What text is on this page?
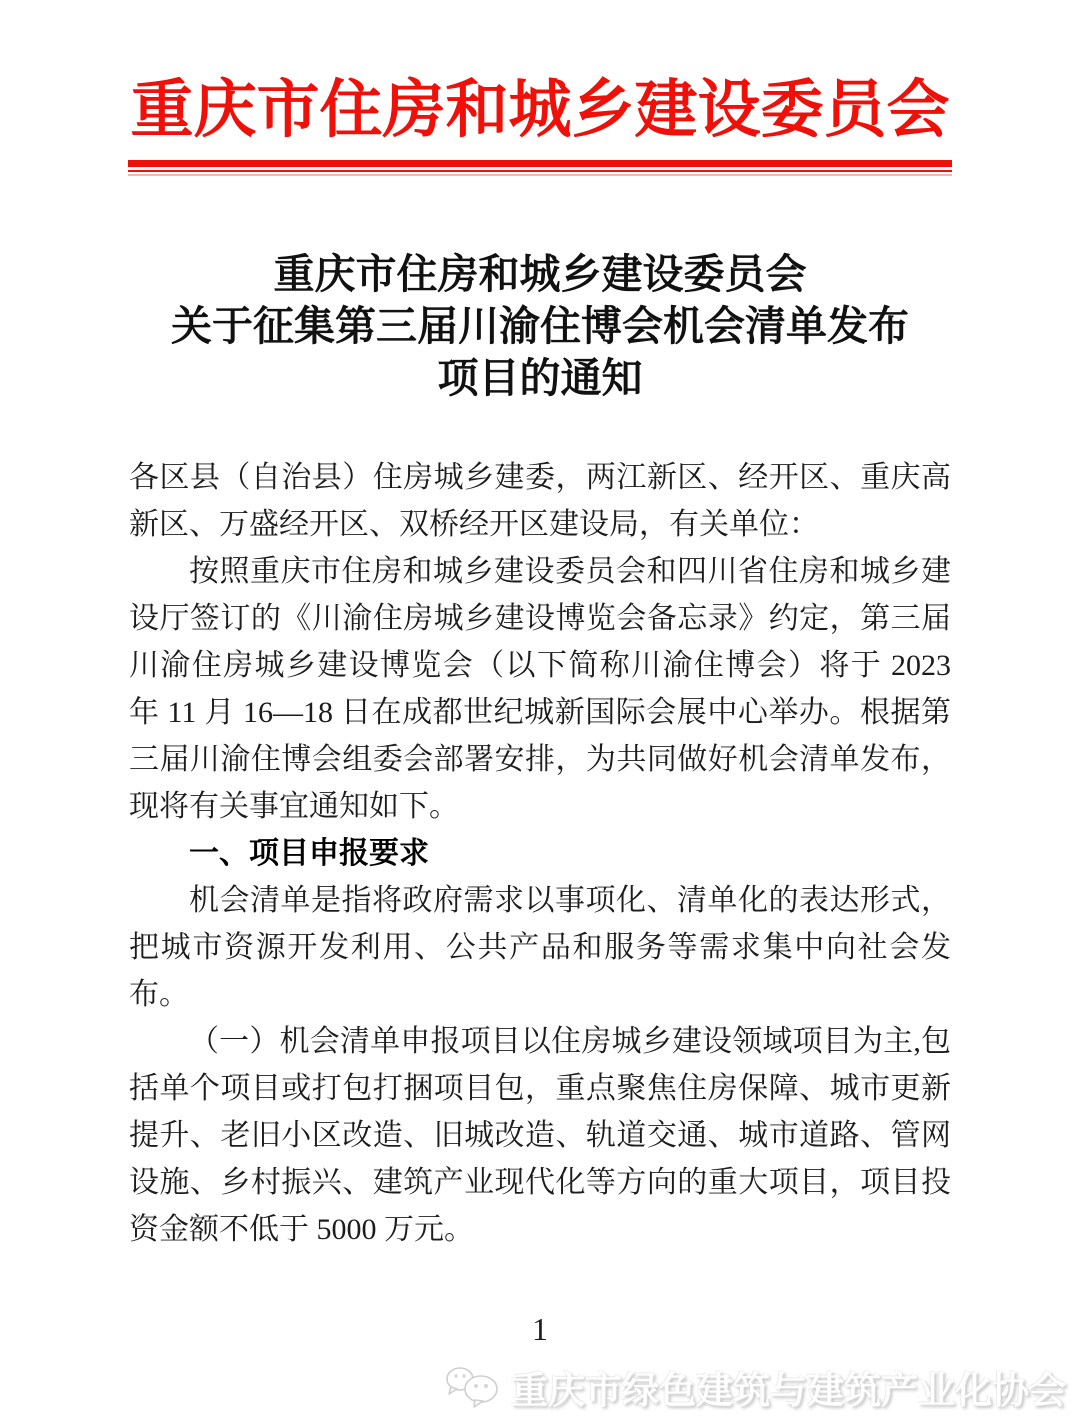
重庆市住房和城乡建设委员会
重庆市住房和城乡建设委员会
关于征集第三届川渝住博会机会清单发布
项目的通知

各区县（自治县）住房城乡建委，两江新区、经开区、重庆高新区、万盛经开区、双桥经开区建设局，有关单位：

按照重庆市住房和城乡建设委员会和四川省住房和城乡建设厅签订的《川渝住房城乡建设博览会备忘录》约定，第三届川渝住房城乡建设博览会（以下简称川渝住博会）将于 2023 年 11 月 16—18 日在成都世纪城新国际会展中心举办。根据第三届川渝住博会组委会部署安排，为共同做好机会清单发布，现将有关事宜通知如下。

一、项目申报要求

机会清单是指将政府需求以事项化、清单化的表达形式，把城市资源开发利用、公共产品和服务等需求集中向社会发布。

（一）机会清单申报项目以住房城乡建设领域项目为主,包括单个项目或打包打捆项目包，重点聚焦住房保障、城市更新提升、老旧小区改造、旧城改造、轨道交通、城市道路、管网设施、乡村振兴、建筑产业现代化等方向的重大项目，项目投资金额不低于 5000 万元。

1
重庆市绿色建筑与建筑产业化协会
